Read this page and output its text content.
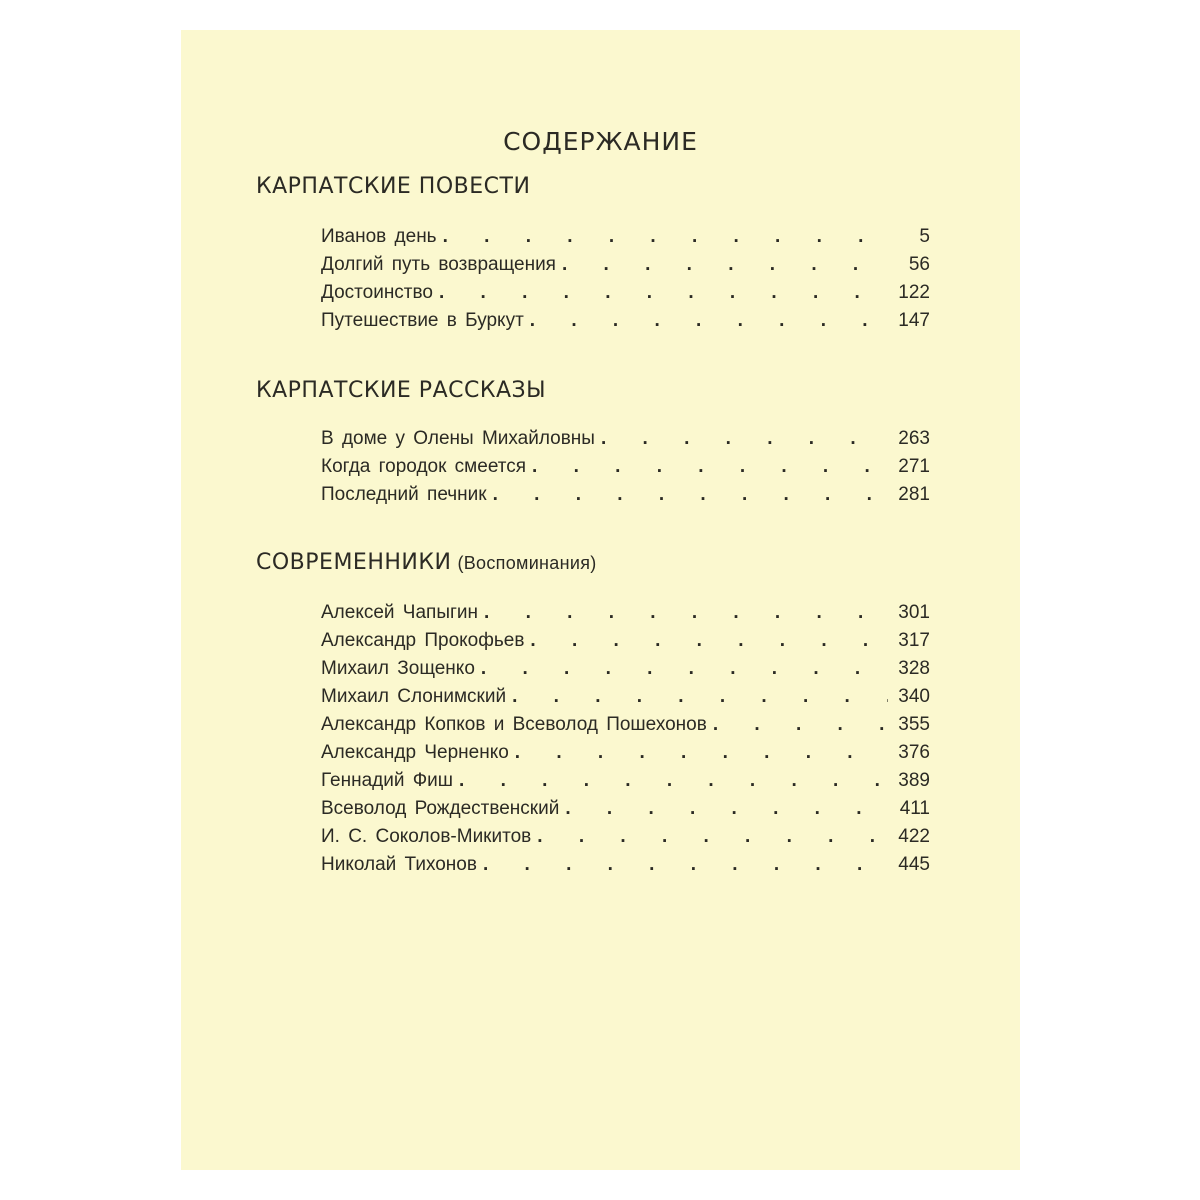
СОДЕРЖАНИЕ
КАРПАТСКИЕ ПОВЕСТИ
Иванов день . . .	5
Долгий путь возвращения . . .	56
Достоинство . . .	122
Путешествие в Буркут . . .	147
КАРПАТСКИЕ РАССКАЗЫ
В доме у Олены Михайловны . . .	263
Когда городок смеется . . .	271
Последний печник . . .	281
СОВРЕМЕННИКИ (Воспоминания)
Алексей Чапыгин . . .	301
Александр Прокофьев . . .	317
Михаил Зощенко . . .	328
Михаил Слонимский . . .	340
Александр Копков и Всеволод Пошехонов . . .	355
Александр Черненко . . .	376
Геннадий Фиш . . .	389
Всеволод Рождественский . . .	411
И. С. Соколов-Микитов . . .	422
Николай Тихонов . . .	445
